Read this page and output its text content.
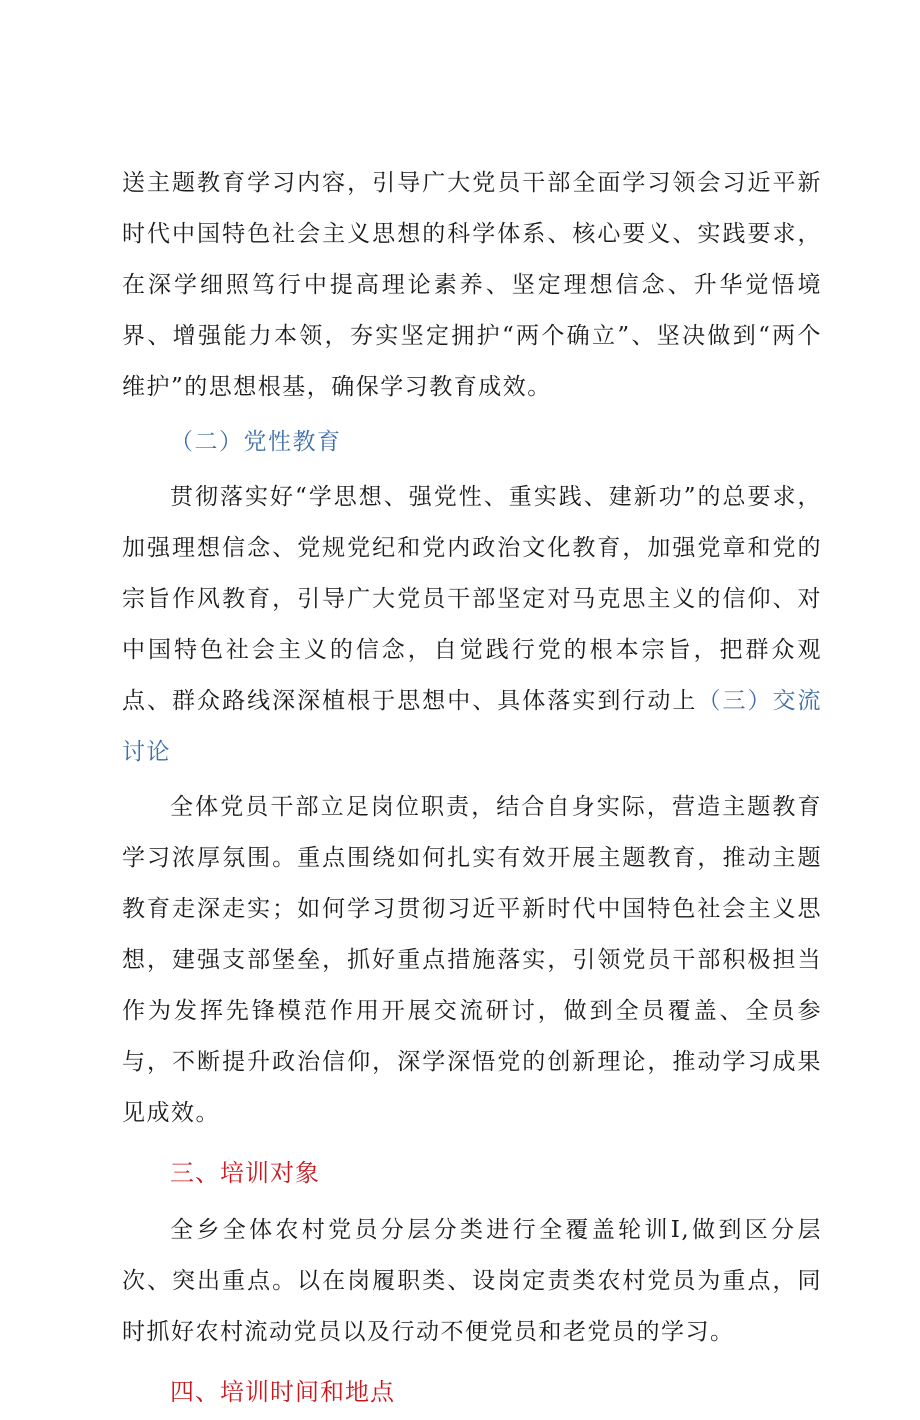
送主题教育学习内容，引导广大党员干部全面学习领会习近平新时代中国特色社会主义思想的科学体系、核心要义、实践要求，在深学细照笃行中提高理论素养、坚定理想信念、升华觉悟境界、增强能力本领，夯实坚定拥护“两个确立”、坚决做到“两个维护”的思想根基，确保学习教育成效。

（二）党性教育

贯彻落实好“学思想、强党性、重实践、建新功”的总要求，加强理想信念、党规党纪和党内政治文化教育，加强党章和党的宗旨作风教育，引导广大党员干部坚定对马克思主义的信仰、对中国特色社会主义的信念，自觉践行党的根本宗旨，把群众观点、群众路线深深植根于思想中、具体落实到行动上（三）交流讨论

全体党员干部立足岗位职责，结合自身实际，营造主题教育学习浓厚氛围。重点围绕如何扎实有效开展主题教育，推动主题教育走深走实；如何学习贯彻习近平新时代中国特色社会主义思想，建强支部堡垒，抓好重点措施落实，引领党员干部积极担当作为发挥先锋模范作用开展交流研讨，做到全员覆盖、全员参与，不断提升政治信仰，深学深悟党的创新理论，推动学习成果见成效。

三、培训对象

全乡全体农村党员分层分类进行全覆盖轮训I,做到区分层次、突出重点。以在岗履职类、设岗定责类农村党员为重点，同时抓好农村流动党员以及行动不便党员和老党员的学习。

四、培训时间和地点
